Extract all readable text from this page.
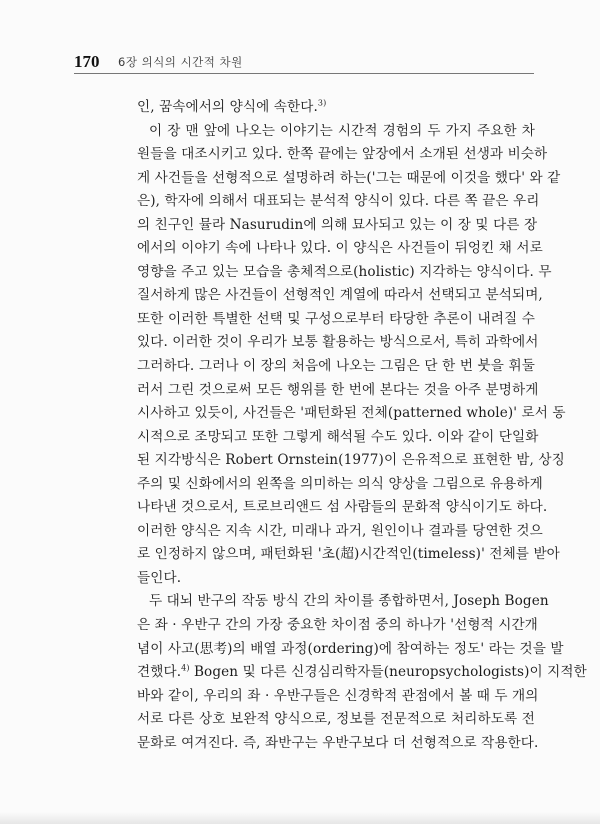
170 6장 의식의 시간적 차원
인, 꿈속에서의 양식에 속한다.$^{3)}$
이 장 맨 앞에 나오는 이야기는 시간적 경험의 두 가지 주요한 차
원들을 대조시키고 있다. 한쪽 끝에는 앞장에서 소개된 선생과 비슷하
게 사건들을 선형적으로 설명하려 하는('그는 때문에 이것을 했다' 와 같
은), 학자에 의해서 대표되는 분석적 양식이 있다. 다른 쪽 끝은 우리
의 친구인 뮬라 Nasurudin에 의해 묘사되고 있는 이 장 및 다른 장
에서의 이야기 속에 나타나 있다. 이 양식은 사건들이 뒤엉킨 채 서로
영향을 주고 있는 모습을 총체적으로(holistic) 지각하는 양식이다. 무
질서하게 많은 사건들이 선형적인 계열에 따라서 선택되고 분석되며,
또한 이러한 특별한 선택 및 구성으로부터 타당한 추론이 내려질 수
있다. 이러한 것이 우리가 보통 활용하는 방식으로서, 특히 과학에서
그러하다. 그러나 이 장의 처음에 나오는 그림은 단 한 번 붓을 휘둘
러서 그린 것으로써 모든 행위를 한 번에 본다는 것을 아주 분명하게
시사하고 있듯이, 사건들은 '패턴화된 전체(patterned whole)' 로서 동
시적으로 조망되고 또한 그렇게 해석될 수도 있다. 이와 같이 단일화
된 지각방식은 Robert Ornstein(1977)이 은유적으로 표현한 밤, 상징
주의 및 신화에서의 왼쪽을 의미하는 의식 양상을 그림으로 유용하게
나타낸 것으로서, 트로브리앤드 섬 사람들의 문화적 양식이기도 하다.
이러한 양식은 지속 시간, 미래나 과거, 원인이나 결과를 당연한 것으
로 인정하지 않으며, 패턴화된 '초(超)시간적인(timeless)' 전체를 받아
들인다.
두 대뇌 반구의 작동 방식 간의 차이를 종합하면서, Joseph Bogen
은 좌 · 우반구 간의 가장 중요한 차이점 중의 하나가 '선형적 시간개
념이 사고(思考)의 배열 과정(ordering)에 참여하는 정도' 라는 것을 발
견했다.$^{4)}$ Bogen 및 다른 신경심리학자들(neuropsychologists)이 지적한
바와 같이, 우리의 좌 · 우반구들은 신경학적 관점에서 볼 때 두 개의
서로 다른 상호 보완적 양식으로, 정보를 전문적으로 처리하도록 전
문화로 여겨진다. 즉, 좌반구는 우반구보다 더 선형적으로 작용한다.
